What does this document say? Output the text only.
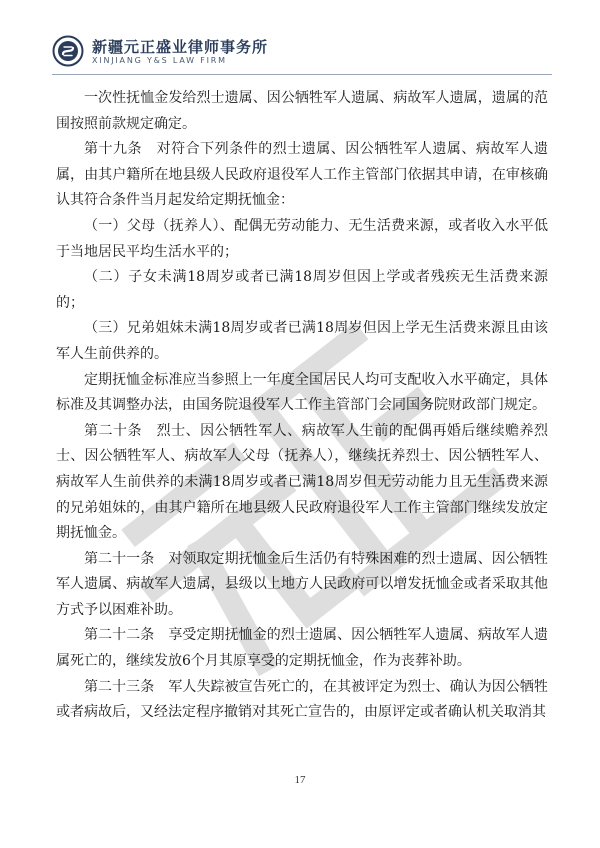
新疆元正盛业律师事务所
XINJIANG Y&S LAW FIRM

一次性抚恤金发给烈士遗属、因公牺牲军人遗属、病故军人遗属，遗属的范围按照前款规定确定。

第十九条　对符合下列条件的烈士遗属、因公牺牲军人遗属、病故军人遗属，由其户籍所在地县级人民政府退役军人工作主管部门依据其申请，在审核确认其符合条件当月起发给定期抚恤金：

（一）父母（抚养人）、配偶无劳动能力、无生活费来源，或者收入水平低于当地居民平均生活水平的；

（二）子女未满18周岁或者已满18周岁但因上学或者残疾无生活费来源的；

（三）兄弟姐妹未满18周岁或者已满18周岁但因上学无生活费来源且由该军人生前供养的。

定期抚恤金标准应当参照上一年度全国居民人均可支配收入水平确定，具体标准及其调整办法，由国务院退役军人工作主管部门会同国务院财政部门规定。

第二十条　烈士、因公牺牲军人、病故军人生前的配偶再婚后继续赡养烈士、因公牺牲军人、病故军人父母（抚养人），继续抚养烈士、因公牺牲军人、病故军人生前供养的未满18周岁或者已满18周岁但无劳动能力且无生活费来源的兄弟姐妹的，由其户籍所在地县级人民政府退役军人工作主管部门继续发放定期抚恤金。

第二十一条　对领取定期抚恤金后生活仍有特殊困难的烈士遗属、因公牺牲军人遗属、病故军人遗属，县级以上地方人民政府可以增发抚恤金或者采取其他方式予以困难补助。

第二十二条　享受定期抚恤金的烈士遗属、因公牺牲军人遗属、病故军人遗属死亡的，继续发放6个月其原享受的定期抚恤金，作为丧葬补助。

第二十三条　军人失踪被宣告死亡的，在其被评定为烈士、确认为因公牺牲或者病故后，又经法定程序撤销对其死亡宣告的，由原评定或者确认机关取消其

17
